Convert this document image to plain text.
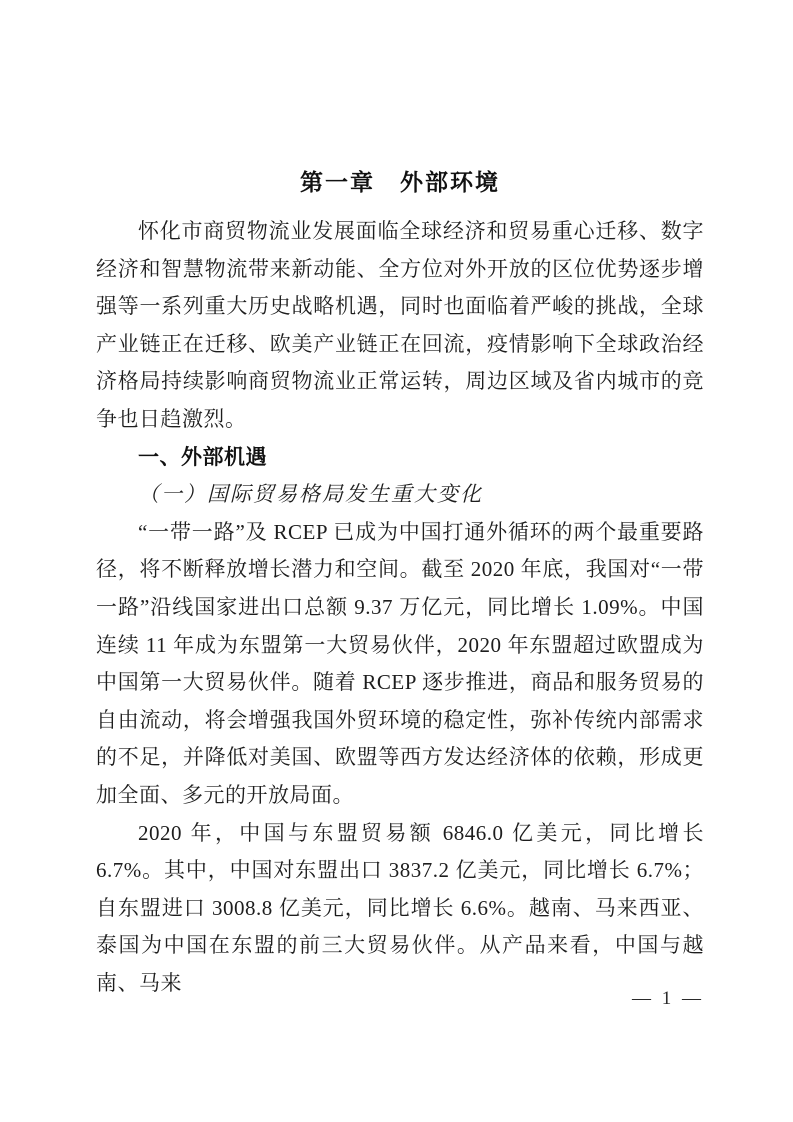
第一章　外部环境

怀化市商贸物流业发展面临全球经济和贸易重心迁移、数字经济和智慧物流带来新动能、全方位对外开放的区位优势逐步增强等一系列重大历史战略机遇，同时也面临着严峻的挑战，全球产业链正在迁移、欧美产业链正在回流，疫情影响下全球政治经济格局持续影响商贸物流业正常运转，周边区域及省内城市的竞争也日趋激烈。

一、外部机遇
（一）国际贸易格局发生重大变化

“一带一路”及 RCEP 已成为中国打通外循环的两个最重要路径，将不断释放增长潜力和空间。截至 2020 年底，我国对“一带一路”沿线国家进出口总额 9.37 万亿元，同比增长 1.09%。中国连续 11 年成为东盟第一大贸易伙伴，2020 年东盟超过欧盟成为中国第一大贸易伙伴。随着 RCEP 逐步推进，商品和服务贸易的自由流动，将会增强我国外贸环境的稳定性，弥补传统内部需求的不足，并降低对美国、欧盟等西方发达经济体的依赖，形成更加全面、多元的开放局面。

2020 年，中国与东盟贸易额 6846.0 亿美元，同比增长 6.7%。其中，中国对东盟出口 3837.2 亿美元，同比增长 6.7%；自东盟进口 3008.8 亿美元，同比增长 6.6%。越南、马来西亚、泰国为中国在东盟的前三大贸易伙伴。从产品来看，中国与越南、马来

— 1 —
